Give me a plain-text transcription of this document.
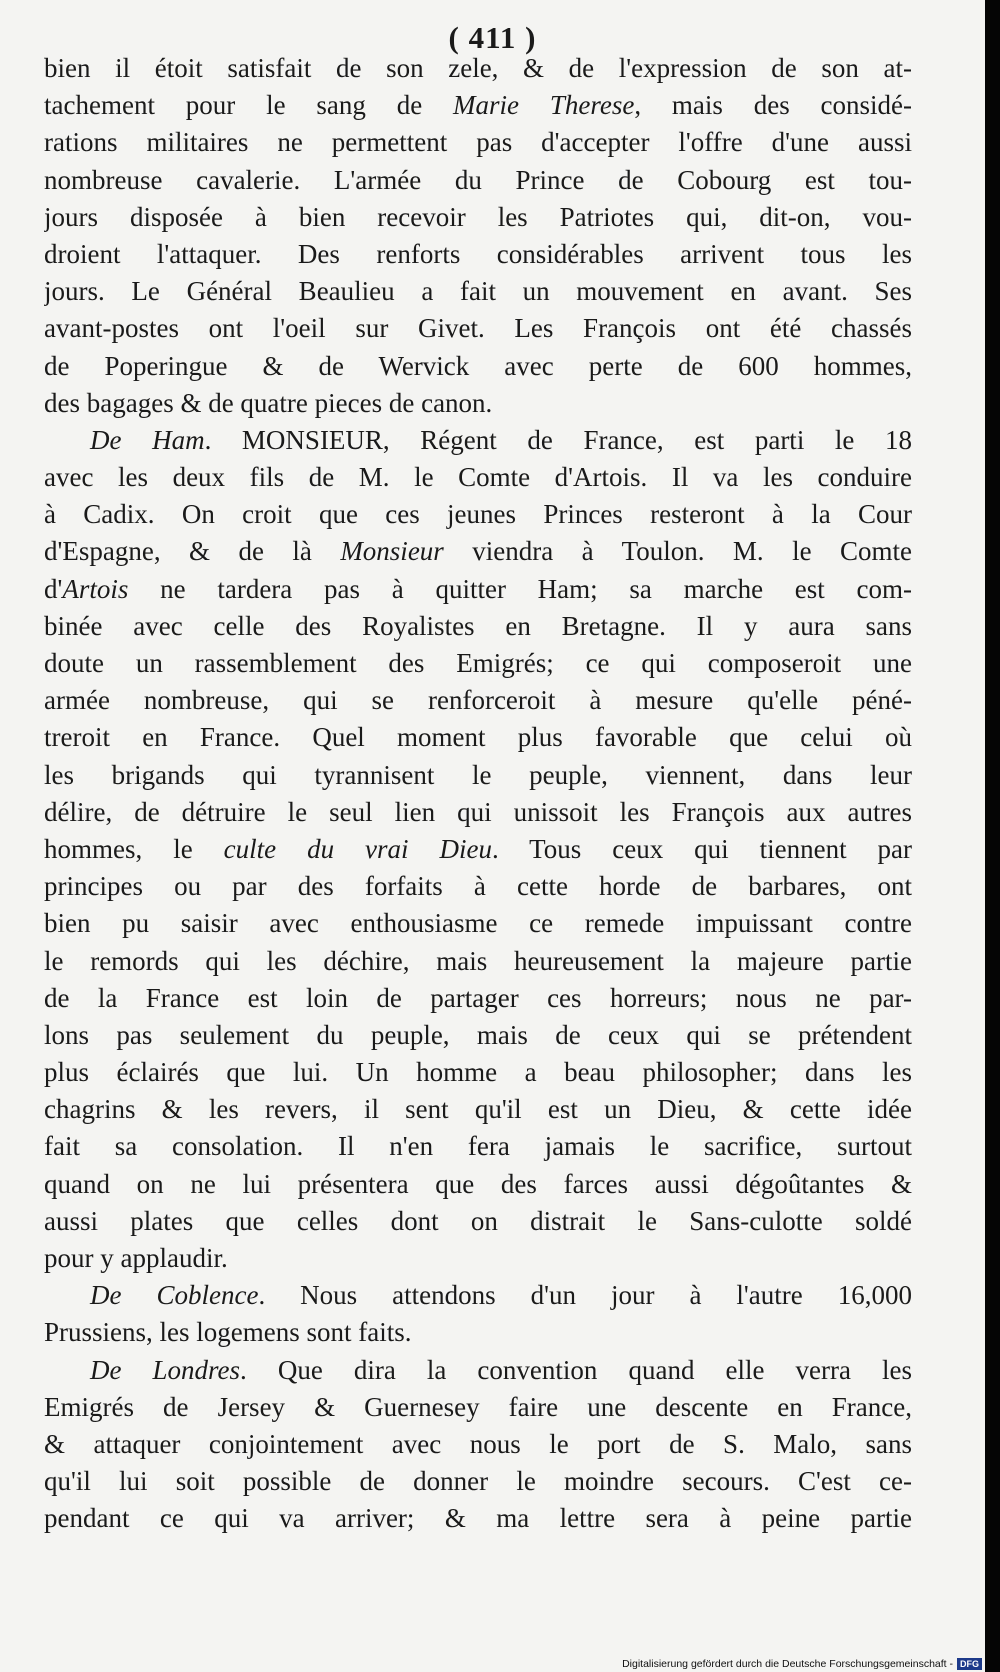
( 411 )
bien il étoit satisfait de son zele, & de l'expression de son at-
tachement pour le sang de Marie Therese, mais des considé-
rations militaires ne permettent pas d'accepter l'offre d'une aussi
nombreuse cavalerie. L'armée du Prince de Cobourg est tou-
jours disposée à bien recevoir les Patriotes qui, dit-on, vou-
droient l'attaquer. Des renforts considérables arrivent tous les
jours. Le Général Beaulieu a fait un mouvement en avant. Ses
avant-postes ont l'oeil sur Givet. Les François ont été chassés
de Poperingue & de Wervick avec perte de 600 hommes,
des bagages & de quatre pieces de canon.
De Ham. MONSIEUR, Régent de France, est parti le 18
avec les deux fils de M. le Comte d'Artois. Il va les conduire
à Cadix. On croit que ces jeunes Princes resteront à la Cour
d'Espagne, & de là Monsieur viendra à Toulon. M. le Comte
d'Artois ne tardera pas à quitter Ham; sa marche est com-
binée avec celle des Royalistes en Bretagne. Il y aura sans
doute un rassemblement des Emigrés; ce qui composeroit une
armée nombreuse, qui se renforceroit à mesure qu'elle péné-
treroit en France. Quel moment plus favorable que celui où
les brigands qui tyrannisent le peuple, viennent, dans leur
délire, de détruire le seul lien qui unissoit les François aux autres
hommes, le culte du vrai Dieu. Tous ceux qui tiennent par
principes ou par des forfaits à cette horde de barbares, ont
bien pu saisir avec enthousiasme ce remede impuissant contre
le remords qui les déchire, mais heureusement la majeure partie
de la France est loin de partager ces horreurs; nous ne par-
lons pas seulement du peuple, mais de ceux qui se prétendent
plus éclairés que lui. Un homme a beau philosopher; dans les
chagrins & les revers, il sent qu'il est un Dieu, & cette idée
fait sa consolation. Il n'en fera jamais le sacrifice, surtout
quand on ne lui présentera que des farces aussi dégoûtantes &
aussi plates que celles dont on distrait le Sans-culotte soldé
pour y applaudir.
De Coblence. Nous attendons d'un jour à l'autre 16,000
Prussiens, les logemens sont faits.
De Londres. Que dira la convention quand elle verra les
Emigrés de Jersey & Guernesey faire une descente en France,
& attaquer conjointement avec nous le port de S. Malo, sans
qu'il lui soit possible de donner le moindre secours. C'est ce-
pendant ce qui va arriver; & ma lettre sera à peine partie
Digitalisierung gefördert durch die Deutsche Forschungsgemeinschaft - DFG
